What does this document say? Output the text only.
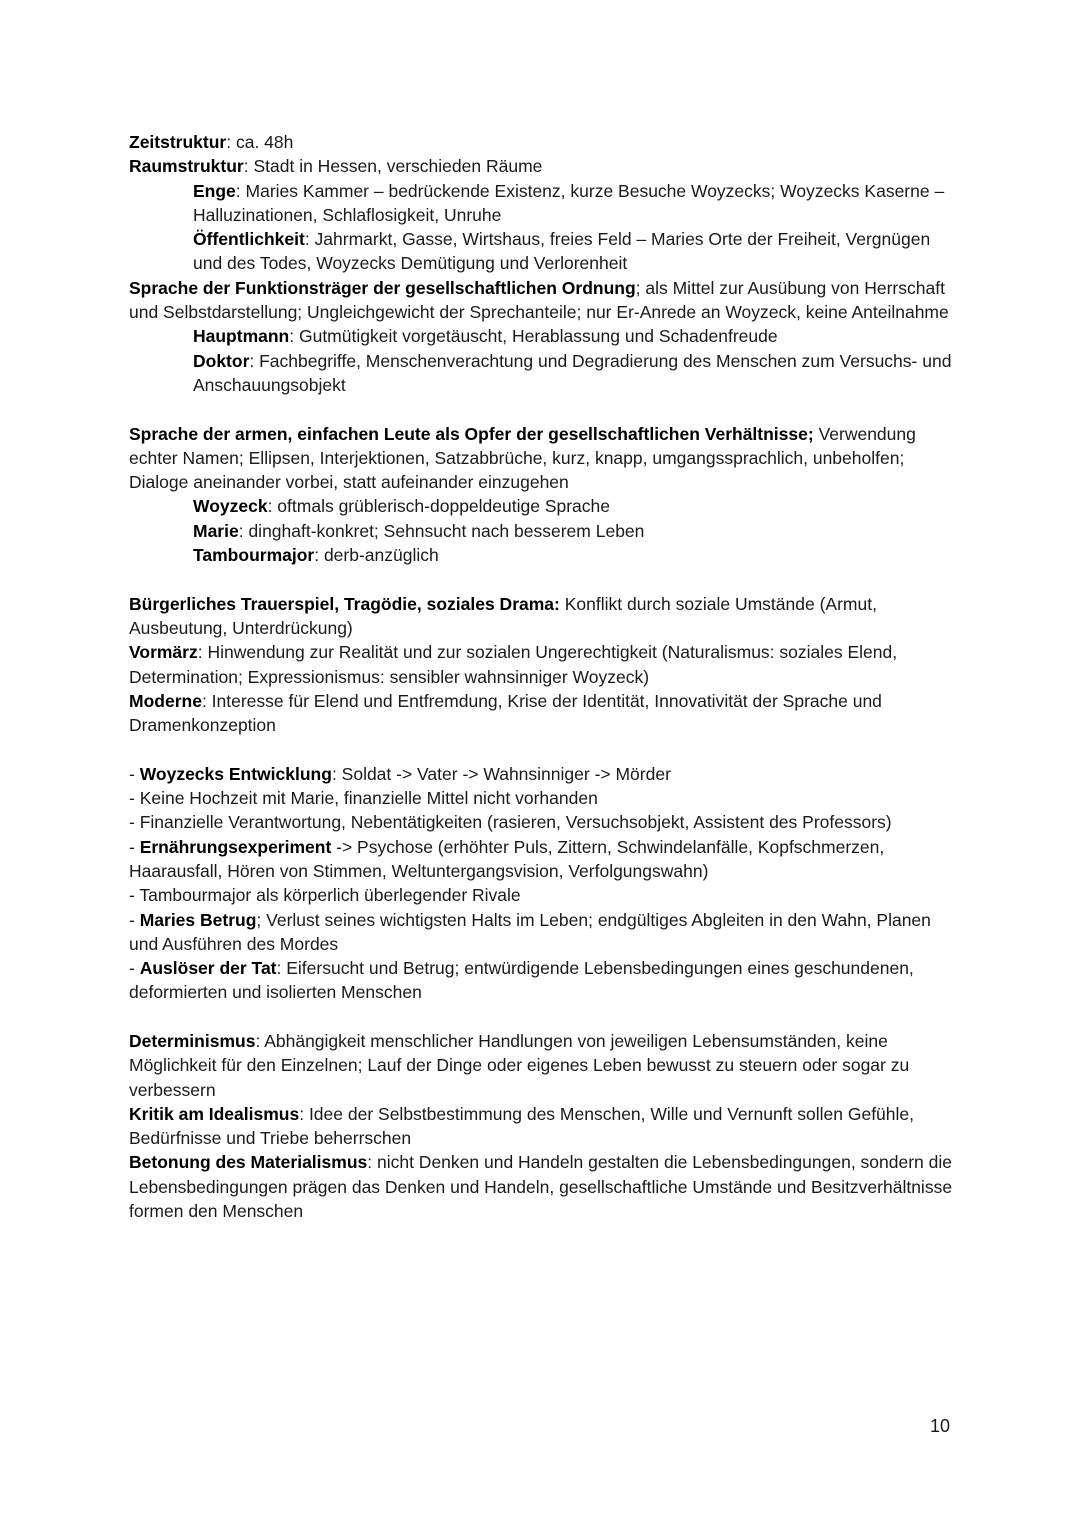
Zeitstruktur: ca. 48h

Raumstruktur: Stadt in Hessen, verschieden Räume

Enge: Maries Kammer – bedrückende Existenz, kurze Besuche Woyzecks; Woyzecks Kaserne – Halluzinationen, Schlaflosigkeit, Unruhe

Öffentlichkeit: Jahrmarkt, Gasse, Wirtshaus, freies Feld – Maries Orte der Freiheit, Vergnügen und des Todes, Woyzecks Demütigung und Verlorenheit

Sprache der Funktionsträger der gesellschaftlichen Ordnung; als Mittel zur Ausübung von Herrschaft und Selbstdarstellung; Ungleichgewicht der Sprechanteile; nur Er-Anrede an Woyzeck, keine Anteilnahme

Hauptmann: Gutmütigkeit vorgetäuscht, Herablassung und Schadenfreude

Doktor: Fachbegriffe, Menschenverachtung und Degradierung des Menschen zum Versuchs- und Anschauungsobjekt

Sprache der armen, einfachen Leute als Opfer der gesellschaftlichen Verhältnisse; Verwendung echter Namen; Ellipsen, Interjektionen, Satzabbrüche, kurz, knapp, umgangssprachlich, unbeholfen; Dialoge aneinander vorbei, statt aufeinander einzugehen

Woyzeck: oftmals grüblerisch-doppeldeutige Sprache

Marie: dinghaft-konkret; Sehnsucht nach besserem Leben

Tambourmajor: derb-anzüglich

Bürgerliches Trauerspiel, Tragödie, soziales Drama: Konflikt durch soziale Umstände (Armut, Ausbeutung, Unterdrückung)

Vormärz: Hinwendung zur Realität und zur sozialen Ungerechtigkeit (Naturalismus: soziales Elend, Determination; Expressionismus: sensibler wahnsinniger Woyzeck)

Moderne: Interesse für Elend und Entfremdung, Krise der Identität, Innovativität der Sprache und Dramenkonzeption

- Woyzecks Entwicklung: Soldat -> Vater -> Wahnsinniger -> Mörder

- Keine Hochzeit mit Marie, finanzielle Mittel nicht vorhanden

- Finanzielle Verantwortung, Nebentätigkeiten (rasieren, Versuchsobjekt, Assistent des Professors)

- Ernährungsexperiment -> Psychose (erhöhter Puls, Zittern, Schwindelanfälle, Kopfschmerzen, Haarausfall, Hören von Stimmen, Weltuntergangsvision, Verfolgungswahn)

- Tambourmajor als körperlich überlegender Rivale

- Maries Betrug; Verlust seines wichtigsten Halts im Leben; endgültiges Abgleiten in den Wahn, Planen und Ausführen des Mordes

- Auslöser der Tat: Eifersucht und Betrug; entwürdigende Lebensbedingungen eines geschundenen, deformierten und isolierten Menschen

Determinismus: Abhängigkeit menschlicher Handlungen von jeweiligen Lebensumständen, keine Möglichkeit für den Einzelnen; Lauf der Dinge oder eigenes Leben bewusst zu steuern oder sogar zu verbessern

Kritik am Idealismus: Idee der Selbstbestimmung des Menschen, Wille und Vernunft sollen Gefühle, Bedürfnisse und Triebe beherrschen

Betonung des Materialismus: nicht Denken und Handeln gestalten die Lebensbedingungen, sondern die Lebensbedingungen prägen das Denken und Handeln, gesellschaftliche Umstände und Besitzverhältnisse formen den Menschen

10
